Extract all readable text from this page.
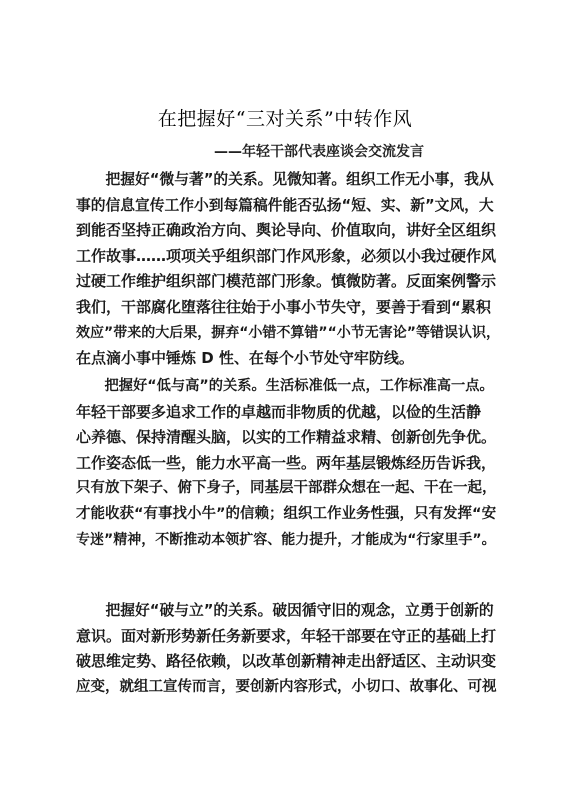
在把握好“三对关系”中转作风
——年轻干部代表座谈会交流发言
　　把握好“微与著”的关系。见微知著。组织工作无小事，我从
事的信息宣传工作小到每篇稿件能否弘扬“短、实、新”文风，大
到能否坚持正确政治方向、舆论导向、价值取向，讲好全区组织
工作故事……项项关乎组织部门作风形象，必须以小我过硬作风
过硬工作维护组织部门模范部门形象。慎微防著。反面案例警示
我们，干部腐化堕落往往始于小事小节失守，要善于看到“累积
效应”带来的大后果，摒弃“小错不算错”“小节无害论”等错误认识，
在点滴小事中锤炼 D 性、在每个小节处守牢防线。
　　把握好“低与高”的关系。生活标准低一点，工作标准高一点。
年轻干部要多追求工作的卓越而非物质的优越，以俭的生活静
心养德、保持清醒头脑，以实的工作精益求精、创新创先争优。
工作姿态低一些，能力水平高一些。两年基层锻炼经历告诉我，
只有放下架子、俯下身子，同基层干部群众想在一起、干在一起，
才能收获“有事找小牛”的信赖；组织工作业务性强，只有发挥“安
专迷”精神，不断推动本领扩容、能力提升，才能成为“行家里手”。
　　把握好“破与立”的关系。破因循守旧的观念，立勇于创新的
意识。面对新形势新任务新要求，年轻干部要在守正的基础上打
破思维定势、路径依赖，以改革创新精神走出舒适区、主动识变
应变，就组工宣传而言，要创新内容形式，小切口、故事化、可视
